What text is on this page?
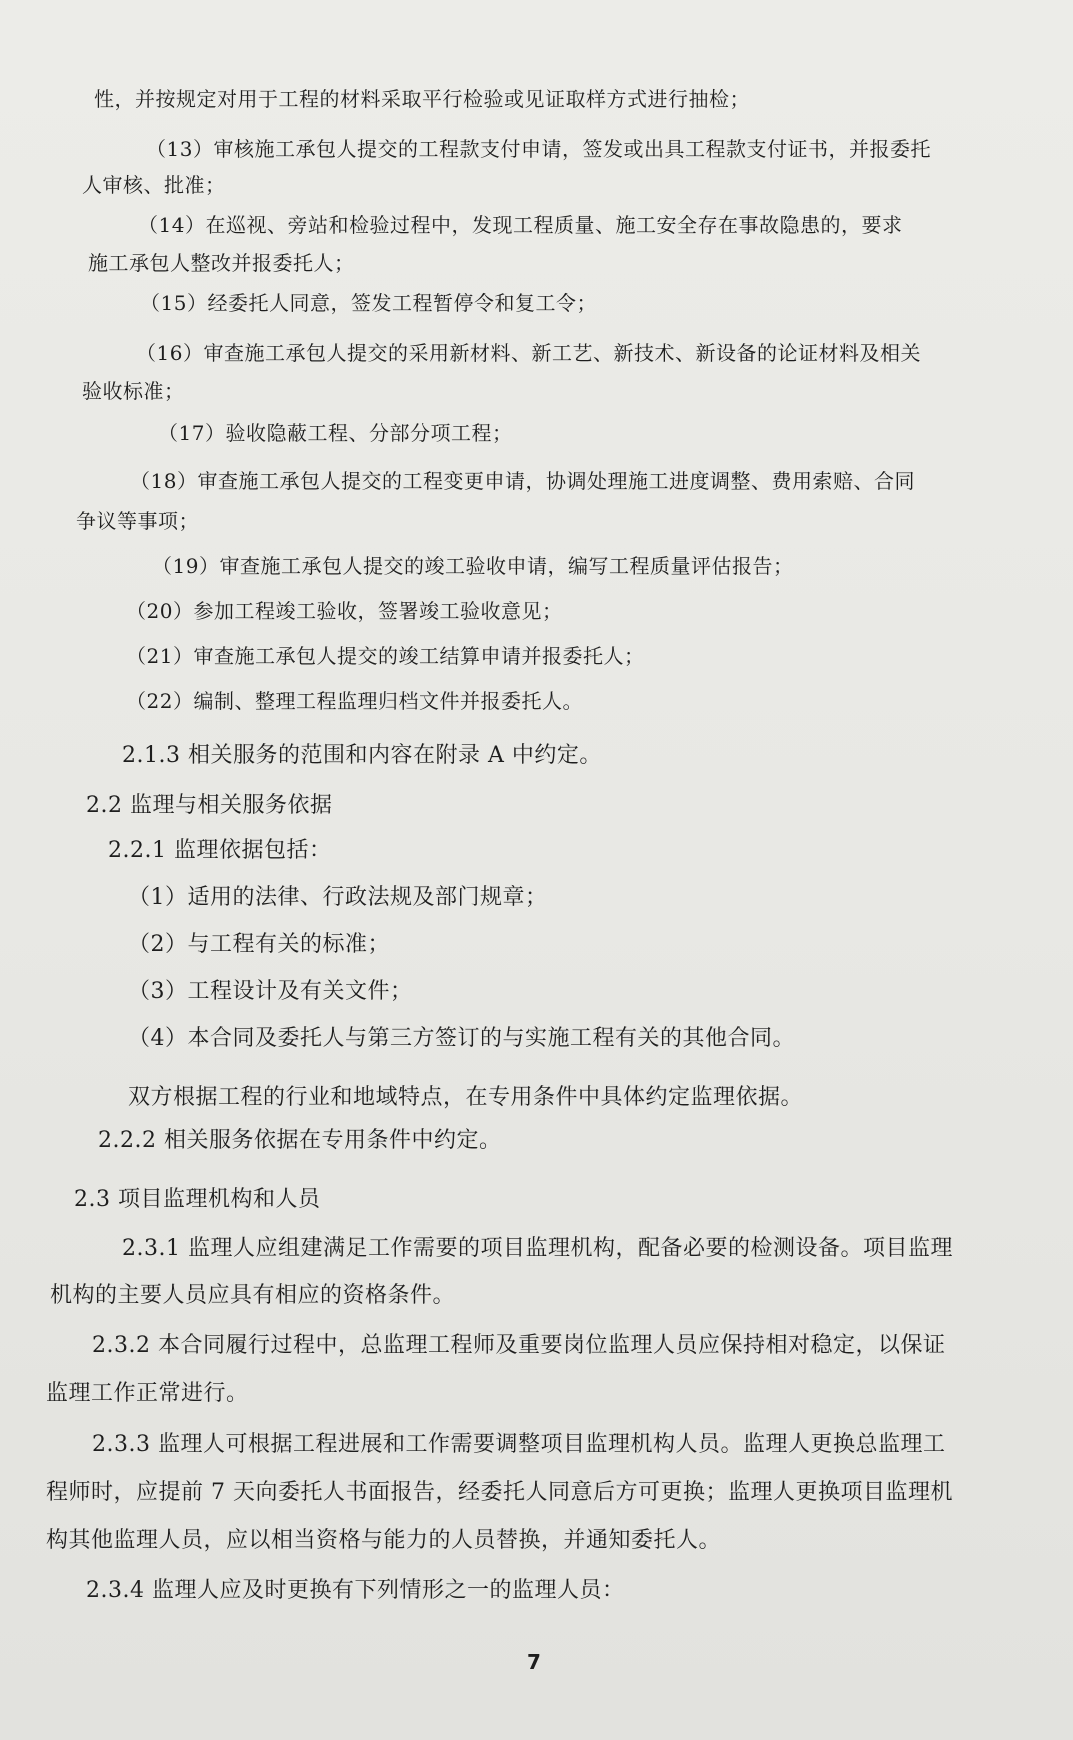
性，并按规定对用于工程的材料采取平行检验或见证取样方式进行抽检；
（13）审核施工承包人提交的工程款支付申请，签发或出具工程款支付证书，并报委托
人审核、批准；
（14）在巡视、旁站和检验过程中，发现工程质量、施工安全存在事故隐患的，要求
施工承包人整改并报委托人；
（15）经委托人同意，签发工程暂停令和复工令；
（16）审查施工承包人提交的采用新材料、新工艺、新技术、新设备的论证材料及相关
验收标准；
（17）验收隐蔽工程、分部分项工程；
（18）审查施工承包人提交的工程变更申请，协调处理施工进度调整、费用索赔、合同
争议等事项；
（19）审查施工承包人提交的竣工验收申请，编写工程质量评估报告；
（20）参加工程竣工验收，签署竣工验收意见；
（21）审查施工承包人提交的竣工结算申请并报委托人；
（22）编制、整理工程监理归档文件并报委托人。
2.1.3 相关服务的范围和内容在附录 A 中约定。
2.2 监理与相关服务依据
2.2.1 监理依据包括：
（1）适用的法律、行政法规及部门规章；
（2）与工程有关的标准；
（3）工程设计及有关文件；
（4）本合同及委托人与第三方签订的与实施工程有关的其他合同。
双方根据工程的行业和地域特点，在专用条件中具体约定监理依据。
2.2.2 相关服务依据在专用条件中约定。
2.3 项目监理机构和人员
2.3.1 监理人应组建满足工作需要的项目监理机构，配备必要的检测设备。项目监理
机构的主要人员应具有相应的资格条件。
2.3.2 本合同履行过程中，总监理工程师及重要岗位监理人员应保持相对稳定，以保证
监理工作正常进行。
2.3.3 监理人可根据工程进展和工作需要调整项目监理机构人员。监理人更换总监理工
程师时，应提前 7 天向委托人书面报告，经委托人同意后方可更换；监理人更换项目监理机
构其他监理人员，应以相当资格与能力的人员替换，并通知委托人。
2.3.4 监理人应及时更换有下列情形之一的监理人员：
7
